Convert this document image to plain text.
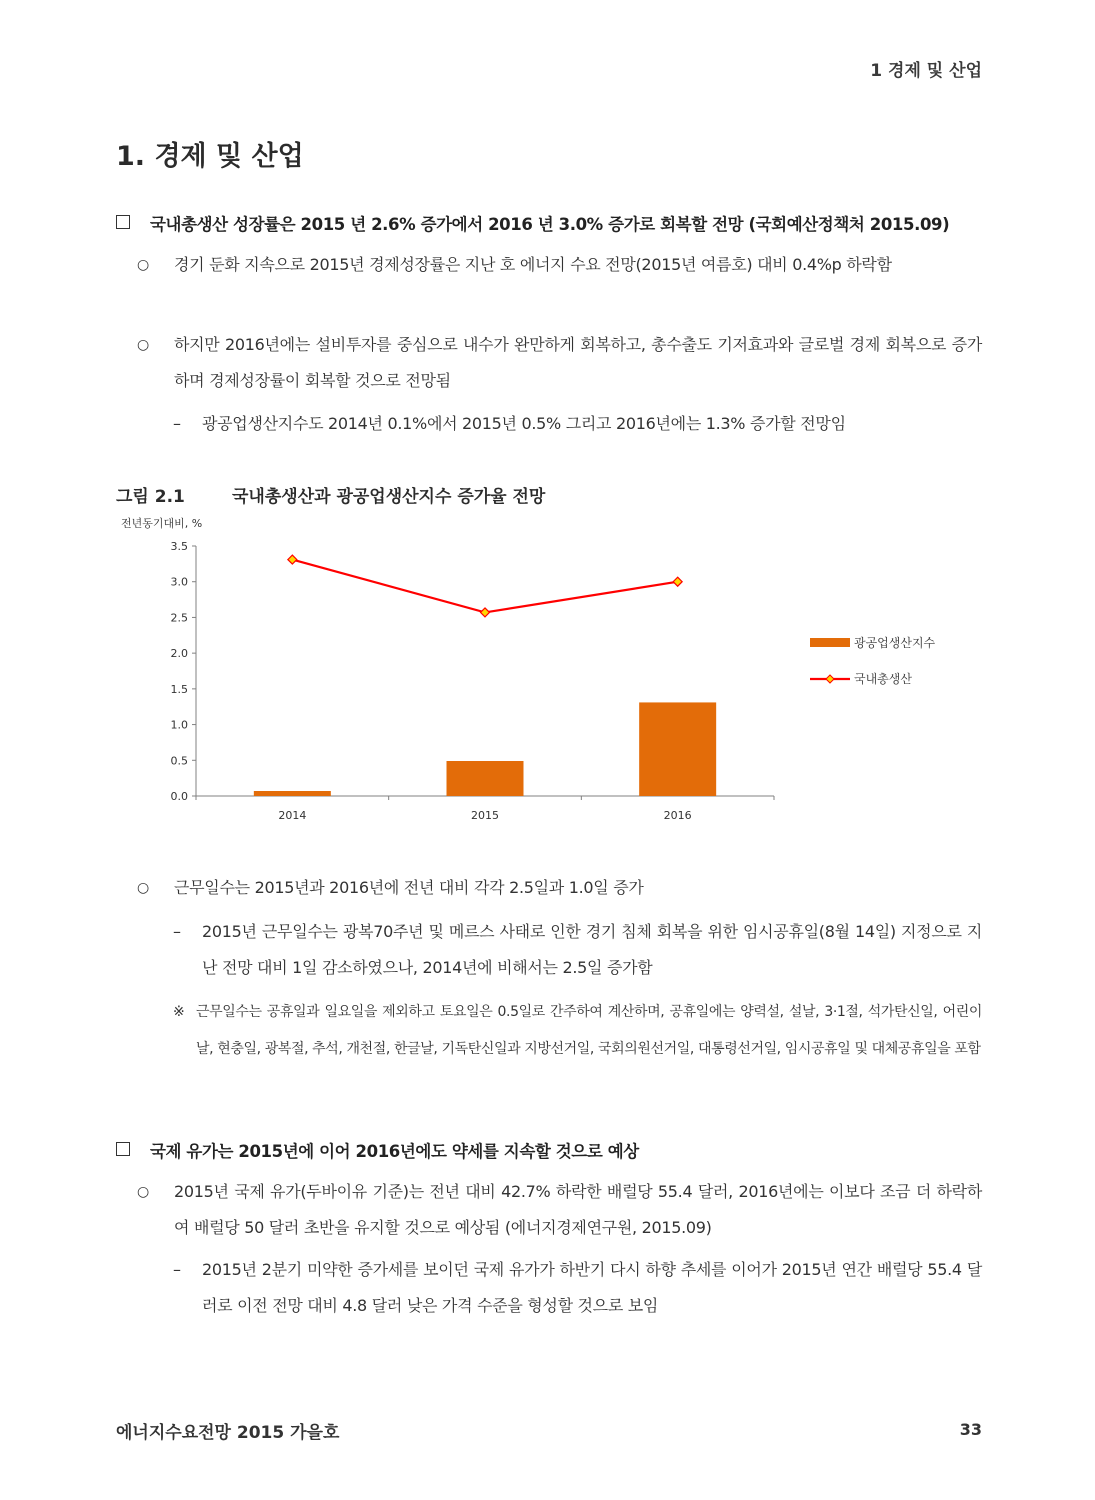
1 경제 및 산업
1. 경제 및 산업
국내총생산 성장률은 2015 년 2.6% 증가에서 2016 년 3.0% 증가로 회복할 전망 (국회예산정책처 2015.09)
○	경기 둔화 지속으로 2015년 경제성장률은 지난 호 에너지 수요 전망(2015년 여름호) 대비 0.4%p 하락함
○	하지만 2016년에는 설비투자를 중심으로 내수가 완만하게 회복하고, 총수출도 기저효과와 글로벌 경제 회복으로 증가하며 경제성장률이 회복할 것으로 전망됨
–	광공업생산지수도 2014년 0.1%에서 2015년 0.5% 그리고 2016년에는 1.3% 증가할 전망임
그림 2.1	국내총생산과 광공업생산지수 증가율 전망
전년동기대비, %
0.0
0.5
1.0
1.5
2.0
2.5
3.0
3.5
2014	2015	2016
광공업생산지수
국내총생산
○	근무일수는 2015년과 2016년에 전년 대비 각각 2.5일과 1.0일 증가
–	2015년 근무일수는 광복70주년 및 메르스 사태로 인한 경기 침체 회복을 위한 임시공휴일(8월 14일) 지정으로 지난 전망 대비 1일 감소하였으나, 2014년에 비해서는 2.5일 증가함
※ 근무일수는 공휴일과 일요일을 제외하고 토요일은 0.5일로 간주하여 계산하며, 공휴일에는 양력설, 설날, 3·1절, 석가탄신일, 어린이날, 현충일, 광복절, 추석, 개천절, 한글날, 기독탄신일과 지방선거일, 국회의원선거일, 대통령선거일, 임시공휴일 및 대체공휴일을 포함
국제 유가는 2015년에 이어 2016년에도 약세를 지속할 것으로 예상
○	2015년 국제 유가(두바이유 기준)는 전년 대비 42.7% 하락한 배럴당 55.4 달러, 2016년에는 이보다 조금 더 하락하여 배럴당 50 달러 초반을 유지할 것으로 예상됨 (에너지경제연구원, 2015.09)
–	2015년 2분기 미약한 증가세를 보이던 국제 유가가 하반기 다시 하향 추세를 이어가 2015년 연간 배럴당 55.4 달러로 이전 전망 대비 4.8 달러 낮은 가격 수준을 형성할 것으로 보임
에너지수요전망 2015 가을호	33
